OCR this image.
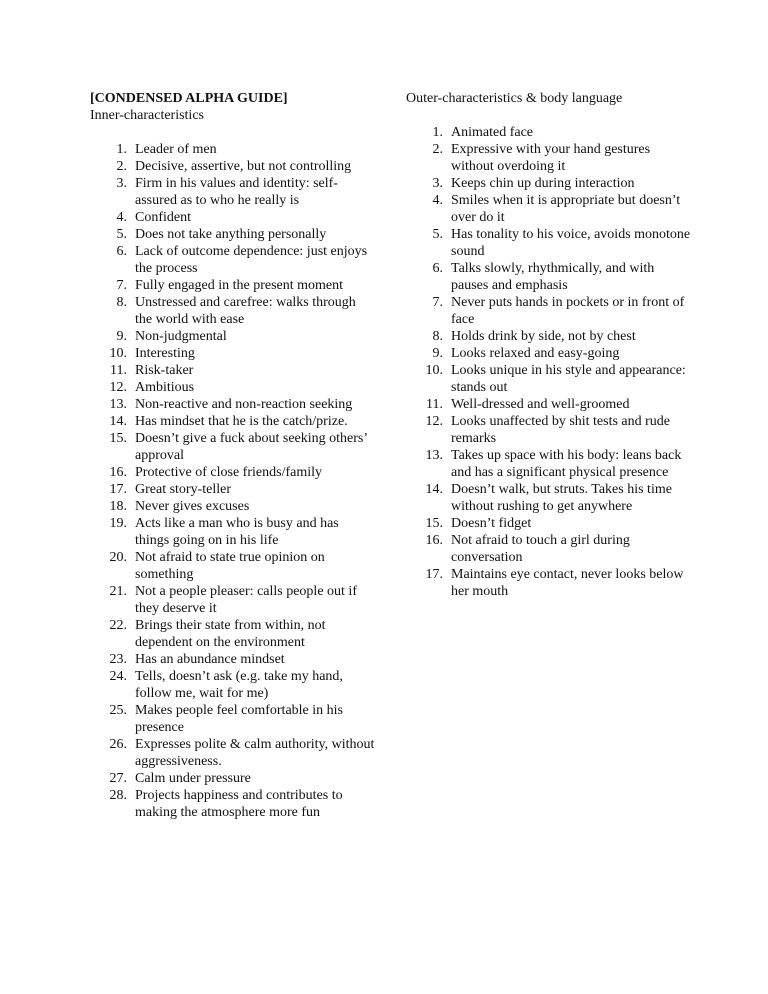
[CONDENSED ALPHA GUIDE]
Inner-characteristics
1. Leader of men
2. Decisive, assertive, but not controlling
3. Firm in his values and identity: self-assured as to who he really is
4. Confident
5. Does not take anything personally
6. Lack of outcome dependence: just enjoys the process
7. Fully engaged in the present moment
8. Unstressed and carefree: walks through the world with ease
9. Non-judgmental
10. Interesting
11. Risk-taker
12. Ambitious
13. Non-reactive and non-reaction seeking
14. Has mindset that he is the catch/prize.
15. Doesn’t give a fuck about seeking others’ approval
16. Protective of close friends/family
17. Great story-teller
18. Never gives excuses
19. Acts like a man who is busy and has things going on in his life
20. Not afraid to state true opinion on something
21. Not a people pleaser: calls people out if they deserve it
22. Brings their state from within, not dependent on the environment
23. Has an abundance mindset
24. Tells, doesn’t ask (e.g. take my hand, follow me, wait for me)
25. Makes people feel comfortable in his presence
26. Expresses polite & calm authority, without aggressiveness.
27. Calm under pressure
28. Projects happiness and contributes to making the atmosphere more fun
Outer-characteristics & body language
1. Animated face
2. Expressive with your hand gestures without overdoing it
3. Keeps chin up during interaction
4. Smiles when it is appropriate but doesn’t over do it
5. Has tonality to his voice, avoids monotone sound
6. Talks slowly, rhythmically, and with pauses and emphasis
7. Never puts hands in pockets or in front of face
8. Holds drink by side, not by chest
9. Looks relaxed and easy-going
10. Looks unique in his style and appearance: stands out
11. Well-dressed and well-groomed
12. Looks unaffected by shit tests and rude remarks
13. Takes up space with his body: leans back and has a significant physical presence
14. Doesn’t walk, but struts. Takes his time without rushing to get anywhere
15. Doesn’t fidget
16. Not afraid to touch a girl during conversation
17. Maintains eye contact, never looks below her mouth
